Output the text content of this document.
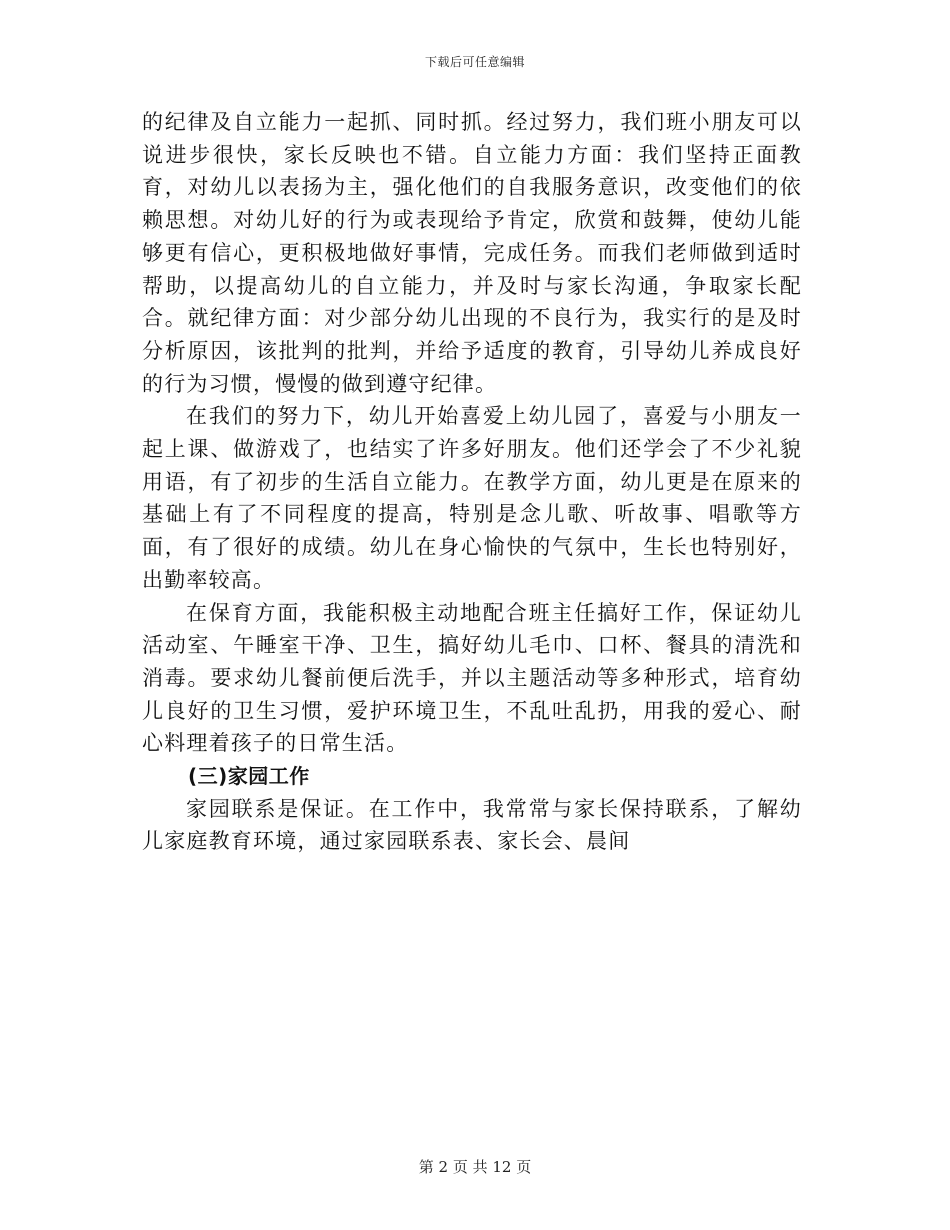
下载后可任意编辑

的纪律及自立能力一起抓、同时抓。经过努力，我们班小朋友可以说进步很快，家长反映也不错。自立能力方面：我们坚持正面教育，对幼儿以表扬为主，强化他们的自我服务意识，改变他们的依赖思想。对幼儿好的行为或表现给予肯定，欣赏和鼓舞，使幼儿能够更有信心，更积极地做好事情，完成任务。而我们老师做到适时帮助，以提高幼儿的自立能力，并及时与家长沟通，争取家长配合。就纪律方面：对少部分幼儿出现的不良行为，我实行的是及时分析原因，该批判的批判，并给予适度的教育，引导幼儿养成良好的行为习惯，慢慢的做到遵守纪律。

在我们的努力下，幼儿开始喜爱上幼儿园了，喜爱与小朋友一起上课、做游戏了，也结实了许多好朋友。他们还学会了不少礼貌用语，有了初步的生活自立能力。在教学方面，幼儿更是在原来的基础上有了不同程度的提高，特别是念儿歌、听故事、唱歌等方面，有了很好的成绩。幼儿在身心愉快的气氛中，生长也特别好，出勤率较高。

在保育方面，我能积极主动地配合班主任搞好工作，保证幼儿活动室、午睡室干净、卫生，搞好幼儿毛巾、口杯、餐具的清洗和消毒。要求幼儿餐前便后洗手，并以主题活动等多种形式，培育幼儿良好的卫生习惯，爱护环境卫生，不乱吐乱扔，用我的爱心、耐心料理着孩子的日常生活。

(三)家园工作

家园联系是保证。在工作中，我常常与家长保持联系，了解幼儿家庭教育环境，通过家园联系表、家长会、晨间

第 2 页 共 12 页
